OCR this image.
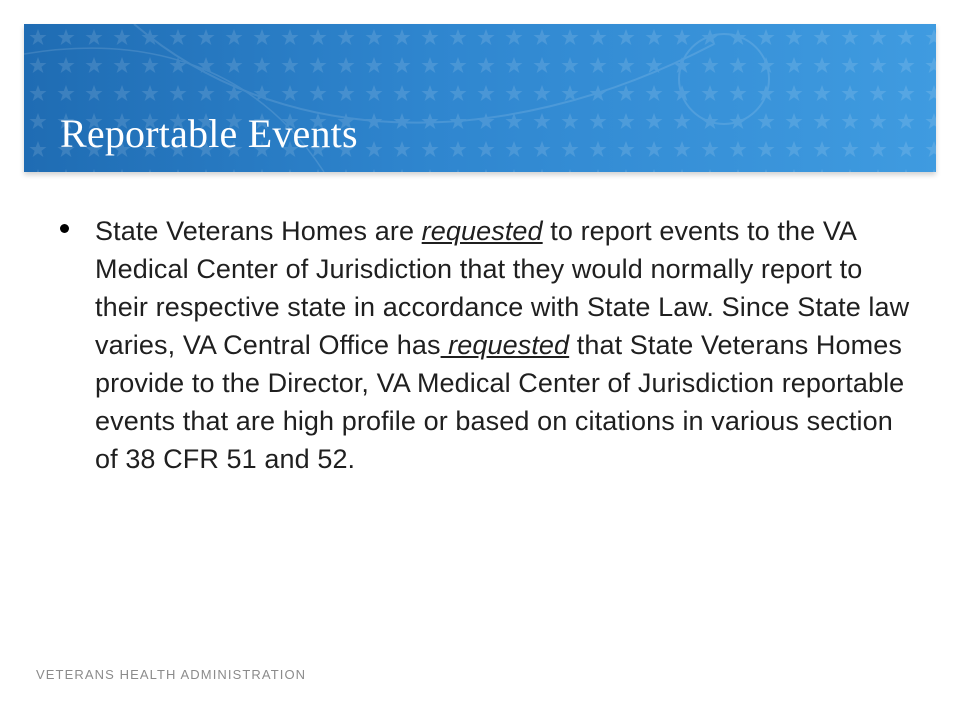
Reportable Events
State Veterans Homes are requested to report events to the VA Medical Center of Jurisdiction that they would normally report to their respective state in accordance with State Law. Since State law varies, VA Central Office has requested that State Veterans Homes provide to the Director, VA Medical Center of Jurisdiction reportable events that are high profile or based on citations in various section of 38 CFR 51 and 52.
VETERANS HEALTH ADMINISTRATION
